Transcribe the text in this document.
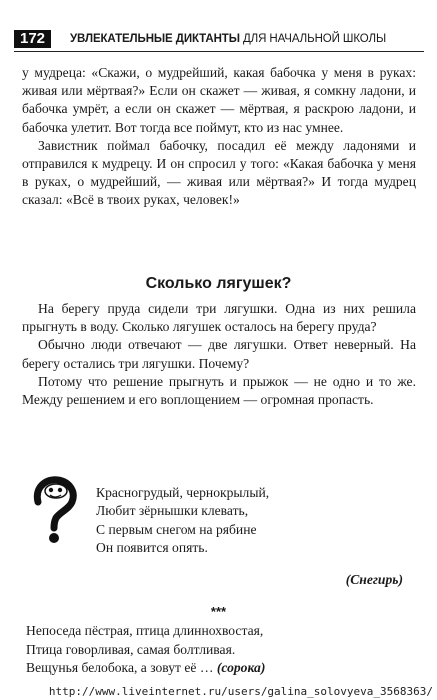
172	УВЛЕКАТЕЛЬНЫЕ ДИКТАНТЫ ДЛЯ НАЧАЛЬНОЙ ШКОЛЫ

у мудреца: «Скажи, о мудрейший, какая бабочка у меня в руках: живая или мёртвая?» Если он скажет — живая, я сомкну ладони, и бабочка умрёт, а если он скажет — мёртвая, я раскрою ладони, и бабочка улетит. Вот тогда все поймут, кто из нас умнее.

Завистник поймал бабочку, посадил её между ладонями и отправился к мудрецу. И он спросил у того: «Какая бабочка у меня в руках, о мудрейший, — живая или мёртвая?» И тогда мудрец сказал: «Всё в твоих руках, человек!»

Сколько лягушек?

На берегу пруда сидели три лягушки. Одна из них решила прыгнуть в воду. Сколько лягушек осталось на берегу пруда?

Обычно люди отвечают — две лягушки. Ответ неверный. На берегу остались три лягушки. Почему?

Потому что решение прыгнуть и прыжок — не одно и то же. Между решением и его воплощением — огромная пропасть.

Красногрудый, чернокрылый,
Любит зёрнышки клевать,
С первым снегом на рябине
Он появится опять.
(Снегирь)
***
Непоседа пёстрая, птица длиннохвостая,
Птица говорливая, самая болтливая.
Вещунья белобока, а зовут её … (сорока)
http://www.liveinternet.ru/users/galina_solovyeva_3568363/
